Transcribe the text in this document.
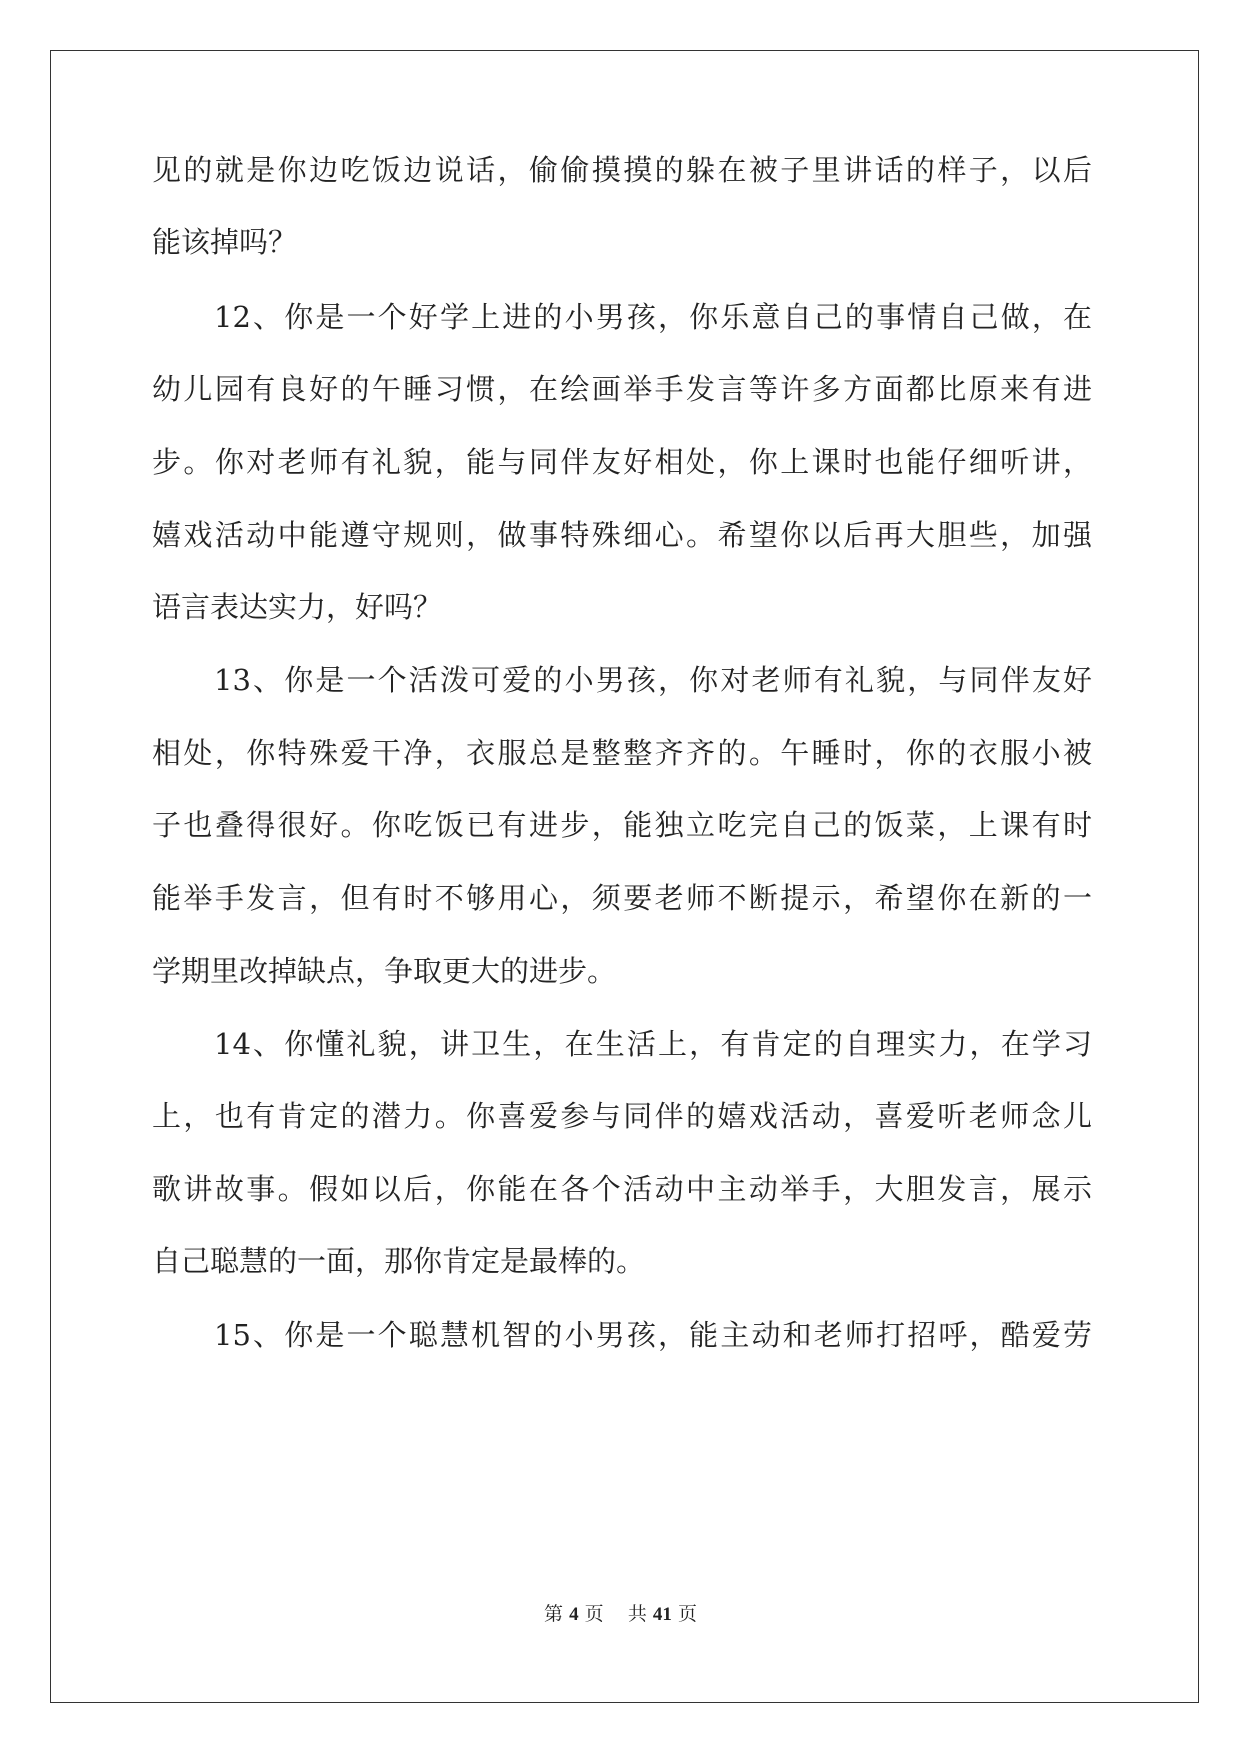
见的就是你边吃饭边说话，偷偷摸摸的躲在被子里讲话的样子，以后
能该掉吗？
12、你是一个好学上进的小男孩，你乐意自己的事情自己做，在
幼儿园有良好的午睡习惯，在绘画举手发言等许多方面都比原来有进
步。你对老师有礼貌，能与同伴友好相处，你上课时也能仔细听讲，
嬉戏活动中能遵守规则，做事特殊细心。希望你以后再大胆些，加强
语言表达实力，好吗？
13、你是一个活泼可爱的小男孩，你对老师有礼貌，与同伴友好
相处，你特殊爱干净，衣服总是整整齐齐的。午睡时，你的衣服小被
子也叠得很好。你吃饭已有进步，能独立吃完自己的饭菜，上课有时
能举手发言，但有时不够用心，须要老师不断提示，希望你在新的一
学期里改掉缺点，争取更大的进步。
14、你懂礼貌，讲卫生，在生活上，有肯定的自理实力，在学习
上，也有肯定的潜力。你喜爱参与同伴的嬉戏活动，喜爱听老师念儿
歌讲故事。假如以后，你能在各个活动中主动举手，大胆发言，展示
自己聪慧的一面，那你肯定是最棒的。
15、你是一个聪慧机智的小男孩，能主动和老师打招呼，酷爱劳
第 4 页 共 41 页
